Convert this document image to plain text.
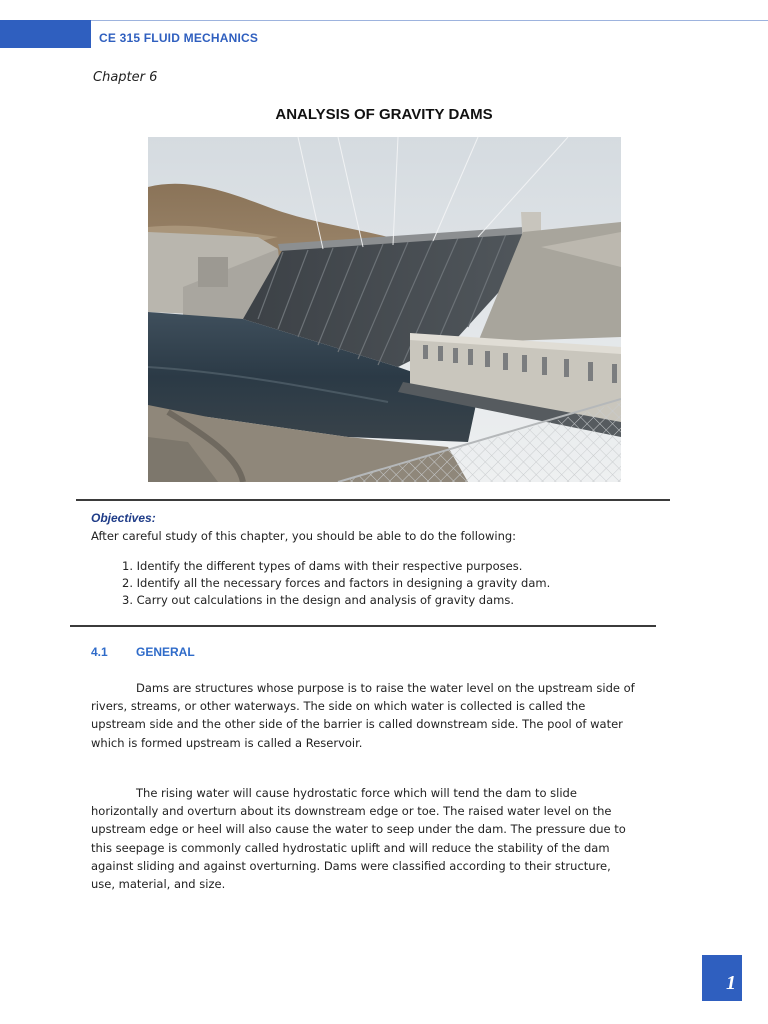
CE 315 FLUID MECHANICS
Chapter 6
ANALYSIS OF GRAVITY DAMS
Objectives:
After careful study of this chapter, you should be able to do the following:
1. Identify the different types of dams with their respective purposes.
2. Identify all the necessary forces and factors in designing a gravity dam.
3. Carry out calculations in the design and analysis of gravity dams.
4.1 GENERAL
Dams are structures whose purpose is to raise the water level on the upstream side of
rivers, streams, or other waterways. The side on which water is collected is called the
upstream side and the other side of the barrier is called downstream side. The pool of water
which is formed upstream is called a Reservoir.
The rising water will cause hydrostatic force which will tend the dam to slide
horizontally and overturn about its downstream edge or toe. The raised water level on the
upstream edge or heel will also cause the water to seep under the dam. The pressure due to
this seepage is commonly called hydrostatic uplift and will reduce the stability of the dam
against sliding and against overturning. Dams were classified according to their structure,
use, material, and size.
1
